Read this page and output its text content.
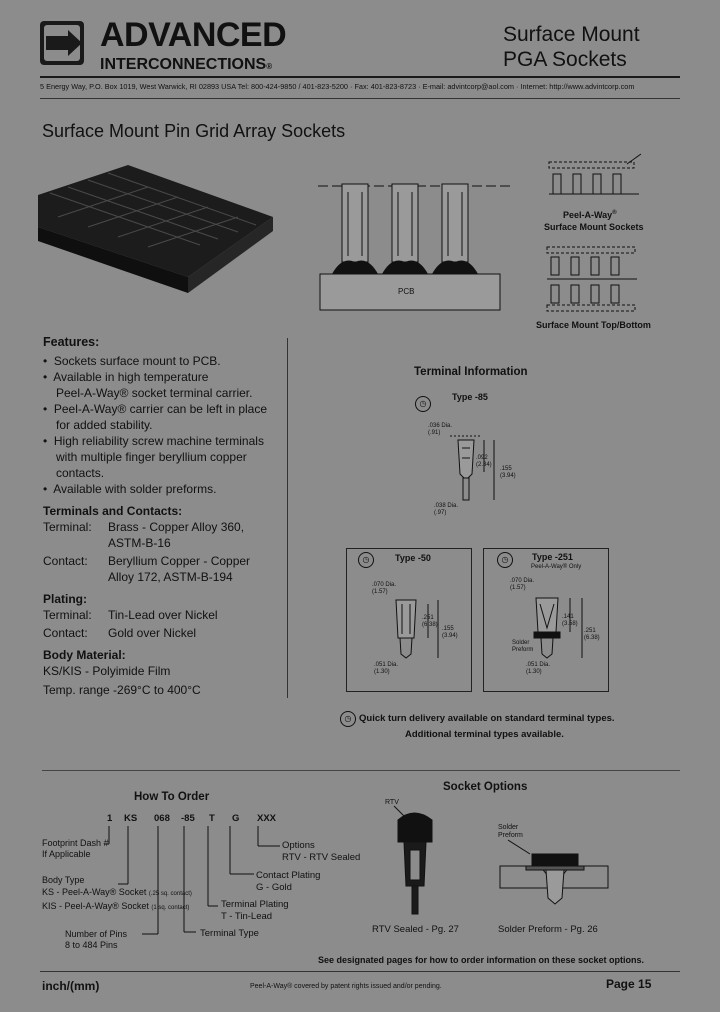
ADVANCED
INTERCONNECTIONS®
Surface Mount
PGA Sockets
5 Energy Way, P.O. Box 1019, West Warwick, RI 02893 USA Tel: 800-424-9850 / 401-823-5200 · Fax: 401-823-8723 · E-mail: advintcorp@aol.com · Internet: http://www.advintcorp.com
Surface Mount Pin Grid Array Sockets
PCB
Peel-A-Way®
Surface Mount Sockets
Surface Mount Top/Bottom
Features:
•  Sockets surface mount to PCB.
•  Available in high temperature
Peel-A-Way® socket terminal carrier.
•  Peel-A-Way® carrier can be left in place
for added stability.
•  High reliability screw machine terminals
with multiple finger beryllium copper
contacts.
•  Available with solder preforms.
Terminals and Contacts:
Terminal:	Brass - Copper Alloy 360,
ASTM-B-16
Contact:	Beryllium Copper - Copper
Alloy 172, ASTM-B-194
Plating:
Terminal:	Tin-Lead over Nickel
Contact:	Gold over Nickel
Body Material:
KS/KIS - Polyimide Film
Temp. range -269°C to 400°C
Terminal Information
◷
Type -85
.036 Dia.
(.91)
.092
(2.34)
.155
(3.94)
.038 Dia.
(.97)
◷	Type -50
.070 Dia.
(1.57)
.251
(6.38)
.155
(3.94)
.051 Dia.
(1.30)
◷	Type -251
Peel-A-Way® Only
.070 Dia.
(1.57)
.141
(3.58)
.251
(6.38)
Solder Preform
.051 Dia.
(1.30)
◷ Quick turn delivery available on standard terminal types.
Additional terminal types available.
How To Order
1 KS 068 -85 T G XXX
Footprint Dash #
If Applicable
Body Type
KS - Peel-A-Way® Socket (.25 sq. contact)
KIS - Peel-A-Way® Socket (1 sq. contact)
Number of Pins
8 to 484 Pins
Options
RTV - RTV Sealed
Contact Plating
G - Gold
Terminal Plating
T - Tin-Lead
Terminal Type
Socket Options
RTV
Solder Preform
RTV Sealed - Pg. 27	Solder Preform - Pg. 26
See designated pages for how to order information on these socket options.
inch/(mm)	Peel-A-Way® covered by patent rights issued and/or pending.	Page 15
